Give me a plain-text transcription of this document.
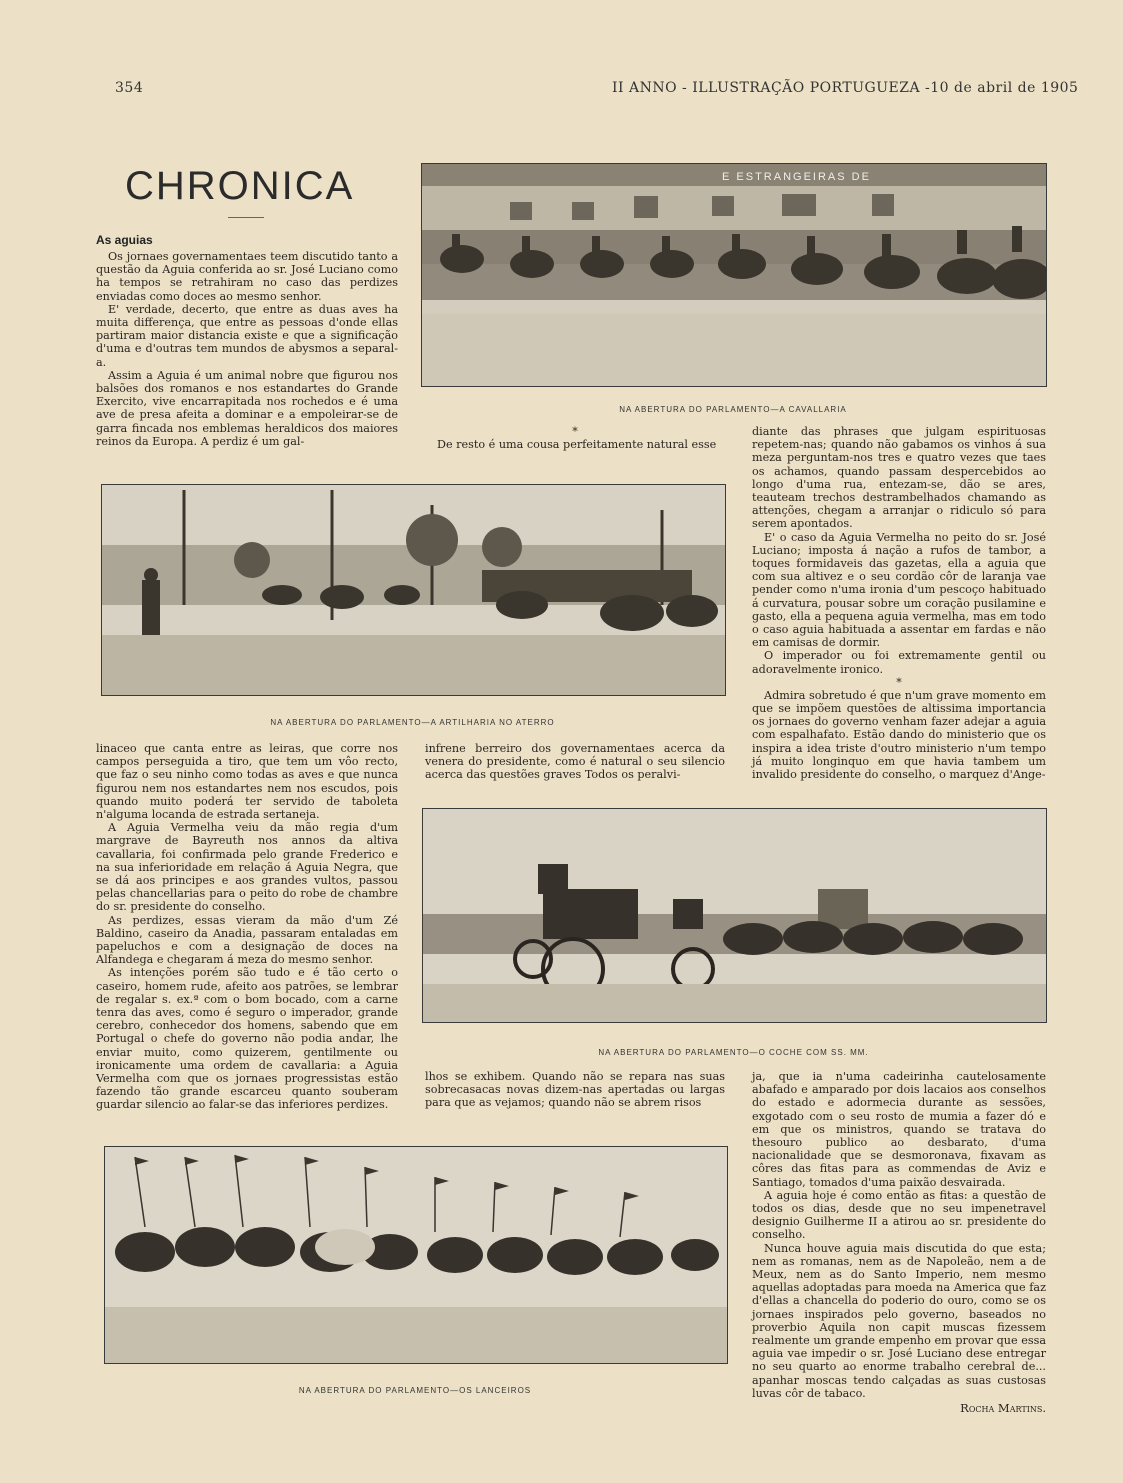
354	II ANNO - ILLUSTRAÇÃO PORTUGUEZA -10 de abril de 1905
CHRONICA
As aguias

Os jornaes governamentaes teem discutido tanto a questão da Aguia conferida ao sr. José Luciano como ha tempos se retrahiram no caso das perdizes enviadas como doces ao mesmo senhor.

E' verdade, decerto, que entre as duas aves ha muita differença, que entre as pessoas d'onde ellas partiram maior distancia existe e que a significação d'uma e d'outras tem mundos de abysmos a separal-a.

Assim a Aguia é um animal nobre que figurou nos balsões dos romanos e nos estandartes do Grande Exercito, vive encarrapitada nos rochedos e é uma ave de presa afeita a dominar e a empoleirar-se de garra fincada nos emblemas heraldicos dos maiores reinos da Europa. A perdiz é um gal-

E ESTRANGEIRAS DE
NA ABERTURA DO PARLAMENTO—A CAVALLARIA
*

De resto é uma cousa perfeitamente natural esse

diante das phrases que julgam espirituosas repetem-nas; quando não gabamos os vinhos á sua meza perguntam-nos tres e quatro vezes que taes os achamos, quando passam despercebidos ao longo d'uma rua, entezam-se, dão se ares, teauteam trechos destrambelhados chamando as attenções, chegam a arranjar o ridiculo só para serem apontados.

E' o caso da Aguia Vermelha no peito do sr. José Luciano; imposta á nação a rufos de tambor, a toques formidaveis das gazetas, ella a aguia que com sua altivez e o seu cordão côr de laranja vae pender como n'uma ironia d'um pescoço habituado á curvatura, pousar sobre um coração pusilamine e gasto, ella a pequena aguia vermelha, mas em todo o caso aguia habituada a assentar em fardas e não em camisas de dormir.

O imperador ou foi extremamente gentil ou adoravelmente ironico.

*

Admira sobretudo é que n'um grave momento em que se impõem questões de altissima importancia os jornaes do governo venham fazer adejar a aguia com espalhafato. Estão dando do ministerio que os inspira a idea triste d'outro ministerio n'um tempo já muito longinquo em que havia tambem um invalido presidente do conselho, o marquez d'Ange-

NA ABERTURA DO PARLAMENTO—A ARTILHARIA NO ATERRO

linaceo que canta entre as leiras, que corre nos campos perseguida a tiro, que tem um vôo recto, que faz o seu ninho como todas as aves e que nunca figurou nem nos estandartes nem nos escudos, pois quando muito poderá ter servido de taboleta n'alguma locanda de estrada sertaneja.

A Aguia Vermelha veiu da mão regia d'um margrave de Bayreuth nos annos da altiva cavallaria, foi confirmada pelo grande Frederico e na sua inferioridade em relação á Aguia Negra, que se dá aos principes e aos grandes vultos, passou pelas chancellarias para o peito do robe de chambre do sr. presidente do conselho.

As perdizes, essas vieram da mão d'um Zé Baldino, caseiro da Anadia, passaram entaladas em papeluchos e com a designação de doces na Alfandega e chegaram á meza do mesmo senhor.

As intenções porém são tudo e é tão certo o caseiro, homem rude, afeito aos patrões, se lembrar de regalar s. ex.ª com o bom bocado, com a carne tenra das aves, como é seguro o imperador, grande cerebro, conhecedor dos homens, sabendo que em Portugal o chefe do governo não podia andar, lhe enviar muito, como quizerem, gentilmente ou ironicamente uma ordem de cavallaria: a Aguia Vermelha com que os jornaes progressistas estão fazendo tão grande escarceu quanto souberam guardar silencio ao falar-se das inferiores perdizes.

infrene berreiro dos governamentaes acerca da venera do presidente, como é natural o seu silencio acerca das questões graves Todos os peralvi-

NA ABERTURA DO PARLAMENTO—O COCHE COM SS. MM.

lhos se exhibem. Quando não se repara nas suas sobrecasacas novas dizem-nas apertadas ou largas para que as vejamos; quando não se abrem risos

ja, que ia n'uma cadeirinha cautelosamente abafado e amparado por dois lacaios aos conselhos do estado e adormecia durante as sessões, exgotado com o seu rosto de mumia a fazer dó e em que os ministros, quando se tratava do thesouro publico ao desbarato, d'uma nacionalidade que se desmoronava, fixavam as côres das fitas para as commendas de Aviz e Santiago, tomados d'uma paixão desvairada.

A aguia hoje é como então as fitas: a questão de todos os dias, desde que no seu impenetravel designio Guilherme II a atirou ao sr. presidente do conselho.

Nunca houve aguia mais discutida do que esta; nem as romanas, nem as de Napoleão, nem a de Meux, nem as do Santo Imperio, nem mesmo aquellas adoptadas para moeda na America que faz d'ellas a chancella do poderio do ouro, como se os jornaes inspirados pelo governo, baseados no proverbio Aquila non capit muscas fizessem realmente um grande empenho em provar que essa aguia vae impedir o sr. José Luciano dese entregar no seu quarto ao enorme trabalho cerebral de... apanhar moscas tendo calçadas as suas custosas luvas côr de tabaco.

Rocha Martins.
NA ABERTURA DO PARLAMENTO—OS LANCEIROS
